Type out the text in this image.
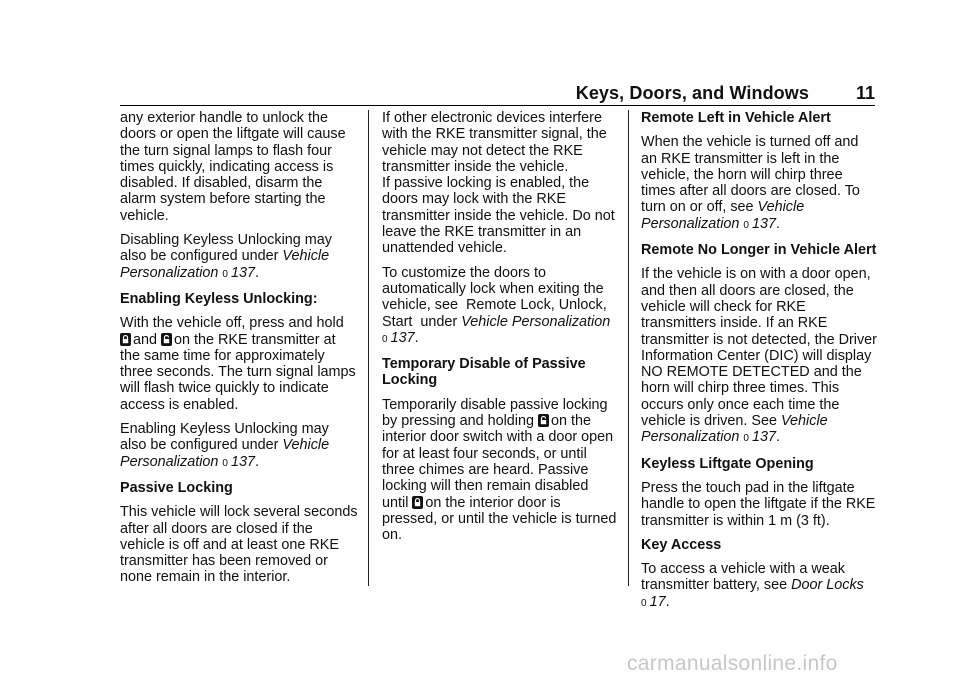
Keys, Doors, and Windows	11

any exterior handle to unlock the doors or open the liftgate will cause the turn signal lamps to flash four times quickly, indicating access is disabled. If disabled, disarm the alarm system before starting the vehicle.

Disabling Keyless Unlocking may also be configured under Vehicle Personalization 0 137.

Enabling Keyless Unlocking:

With the vehicle off, press and hold
and on the RKE transmitter at the same time for approximately three seconds. The turn signal lamps will flash twice quickly to indicate access is enabled.

Enabling Keyless Unlocking may also be configured under Vehicle Personalization 0 137.

Passive Locking

This vehicle will lock several seconds after all doors are closed if the vehicle is off and at least one RKE transmitter has been removed or none remain in the interior.

If other electronic devices interfere with the RKE transmitter signal, the vehicle may not detect the RKE transmitter inside the vehicle.

If passive locking is enabled, the doors may lock with the RKE transmitter inside the vehicle. Do not leave the RKE transmitter in an unattended vehicle.

To customize the doors to automatically lock when exiting the vehicle, see  Remote Lock, Unlock, Start  under Vehicle Personalization 0 137.

Temporary Disable of Passive Locking

Temporarily disable passive locking by pressing and holding on the interior door switch with a door open for at least four seconds, or until three chimes are heard. Passive locking will then remain disabled until on the interior door is pressed, or until the vehicle is turned on.

Remote Left in Vehicle Alert

When the vehicle is turned off and an RKE transmitter is left in the vehicle, the horn will chirp three times after all doors are closed. To turn on or off, see Vehicle Personalization 0 137.

Remote No Longer in Vehicle Alert

If the vehicle is on with a door open, and then all doors are closed, the vehicle will check for RKE transmitters inside. If an RKE transmitter is not detected, the Driver Information Center (DIC) will display NO REMOTE DETECTED and the horn will chirp three times. This occurs only once each time the vehicle is driven. See Vehicle Personalization 0 137.

Keyless Liftgate Opening

Press the touch pad in the liftgate handle to open the liftgate if the RKE transmitter is within 1 m (3 ft).

Key Access

To access a vehicle with a weak transmitter battery, see Door Locks 0 17.

carmanualsonline.info
